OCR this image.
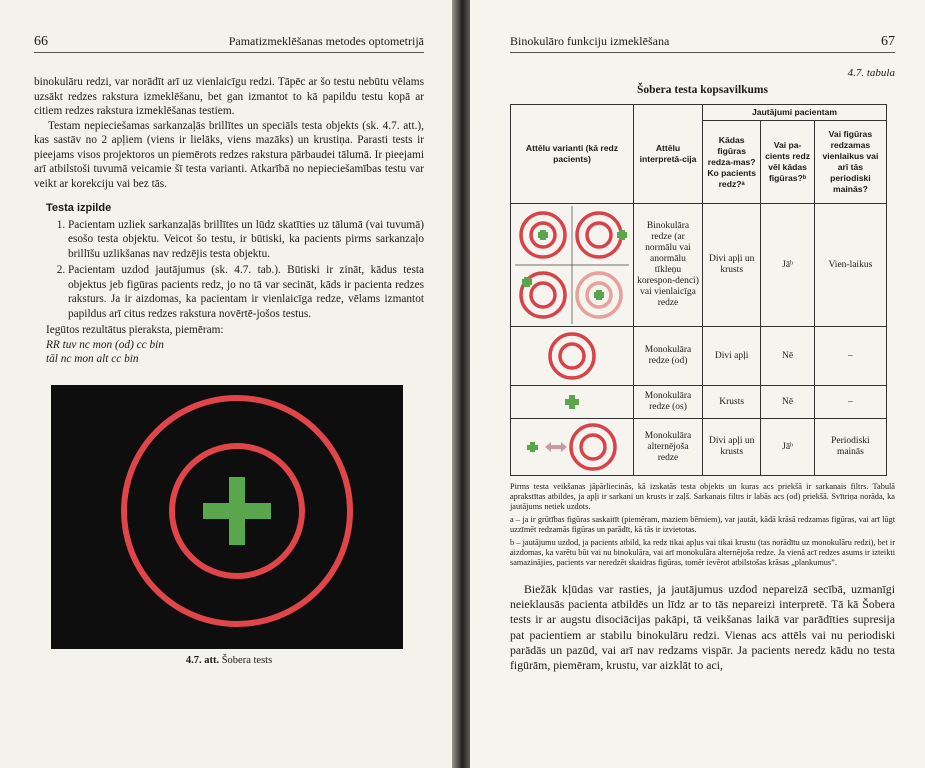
66	Pamatizmeklēšanas metodes optometrijā

binokulāru redzi, var norādīt arī uz vienlaicīgu redzi. Tāpēc ar šo testu nebūtu vēlams uzsākt redzes rakstura izmeklēšanu, bet gan izmantot to kā papildu testu kopā ar citiem redzes rakstura izmeklēšanas testiem.

Testam nepieciešamas sarkanzaļās brillītes un speciāls testa objekts (sk. 4.7. att.), kas sastāv no 2 apļiem (viens ir lielāks, viens mazāks) un krustiņa. Parasti tests ir pieejams visos projektoros un piemērots redzes rakstura pārbaudei tālumā. Ir pieejami arī atbilstoši tuvumā veicamie šī testa varianti. Atkarībā no nepieciešamības testu var veikt ar korekciju vai bez tās.

Testa izpilde
1. Pacientam uzliek sarkanzaļās brillītes un lūdz skatīties uz tālumā (vai tuvumā) esošo testa objektu. Veicot šo testu, ir būtiski, ka pacients pirms sarkanzaļo brillīšu uzlikšanas nav redzējis testa objektu.
2. Pacientam uzdod jautājumus (sk. 4.7. tab.). Būtiski ir zināt, kādus testa objektus jeb figūras pacients redz, jo no tā var secināt, kāds ir pacienta redzes raksturs. Ja ir aizdomas, ka pacientam ir vienlaicīga redze, vēlams izmantot papildus arī citus redzes rakstura novērtē-jošos testus.

Iegūtos rezultātus pieraksta, piemēram:

RR tuv nc mon (od) cc bin

tāl nc mon alt cc bin

4.7. att. Šobera tests
Binokulāro funkciju izmeklēšana	67
4.7. tabula
Šobera testa kopsavilkums
Attēlu varianti (kā redz pacients)	Attēlu interpretā-cija	Jautājumi pacientam		
		Kādas figūras redza-mas? Ko pacients redz?ᵃ	Vai pa-cients redz vēl kādas figūras?ᵇ	Vai figūras redzamas vienlaikus vai arī tās periodiski mainās?

	Binokulāra redze (ar normālu vai anormālu tīkleņu korespon-denci) vai vienlaicīga redze	Divi apļi un krusts	Jāᵇ	Vien-laikus

	Monokulāra redze (od)	Divi apļi	Nē	–

	Monokulāra redze (os)	Krusts	Nē	–

	Monokulāra alternējoša redze	Divi apļi un krusts	Jāᵇ	Periodiski mainās

Pirms testa veikšanas jāpārliecinās, kā izskatās testa objekts un kuras acs priekšā ir sarkanais filtrs. Tabulā aprakstītas atbildes, ja apļi ir sarkani un krusts ir zaļš. Sarkanais filtrs ir labās acs (od) priekšā. Svītriņa norāda, ka jautājums netiek uzdots.

a – ja ir grūtības figūras saskaitīt (piemēram, maziem bērniem), var jautāt, kādā krāsā redzamas figūras, vai arī lūgt uzzīmēt redzamās figūras un parādīt, kā tās ir izvietotas.

b – jautājumu uzdod, ja pacients atbild, ka redz tikai apļus vai tikai krustu (tas norādītu uz monokulāru redzi), bet ir aizdomas, ka varētu būt vai nu binokulāra, vai arī monokulāra alternējoša redze. Ja vienā acī redzes asums ir izteikti samazinājies, pacients var neredzēt skaidras figūras, tomēr ievērot atbilstošas krāsas „plankumus”.

Biežāk kļūdas var rasties, ja jautājumus uzdod nepareizā secībā, uzmanīgi neieklausās pacienta atbildēs un līdz ar to tās nepareizi interpretē. Tā kā Šobera tests ir ar augstu disociācijas pakāpi, tā veikšanas laikā var parādīties supresija pat pacientiem ar stabilu binokulāru redzi. Vienas acs attēls vai nu periodiski parādās un pazūd, vai arī nav redzams vispār. Ja pacients neredz kādu no testa figūrām, piemēram, krustu, var aizklāt to aci,
